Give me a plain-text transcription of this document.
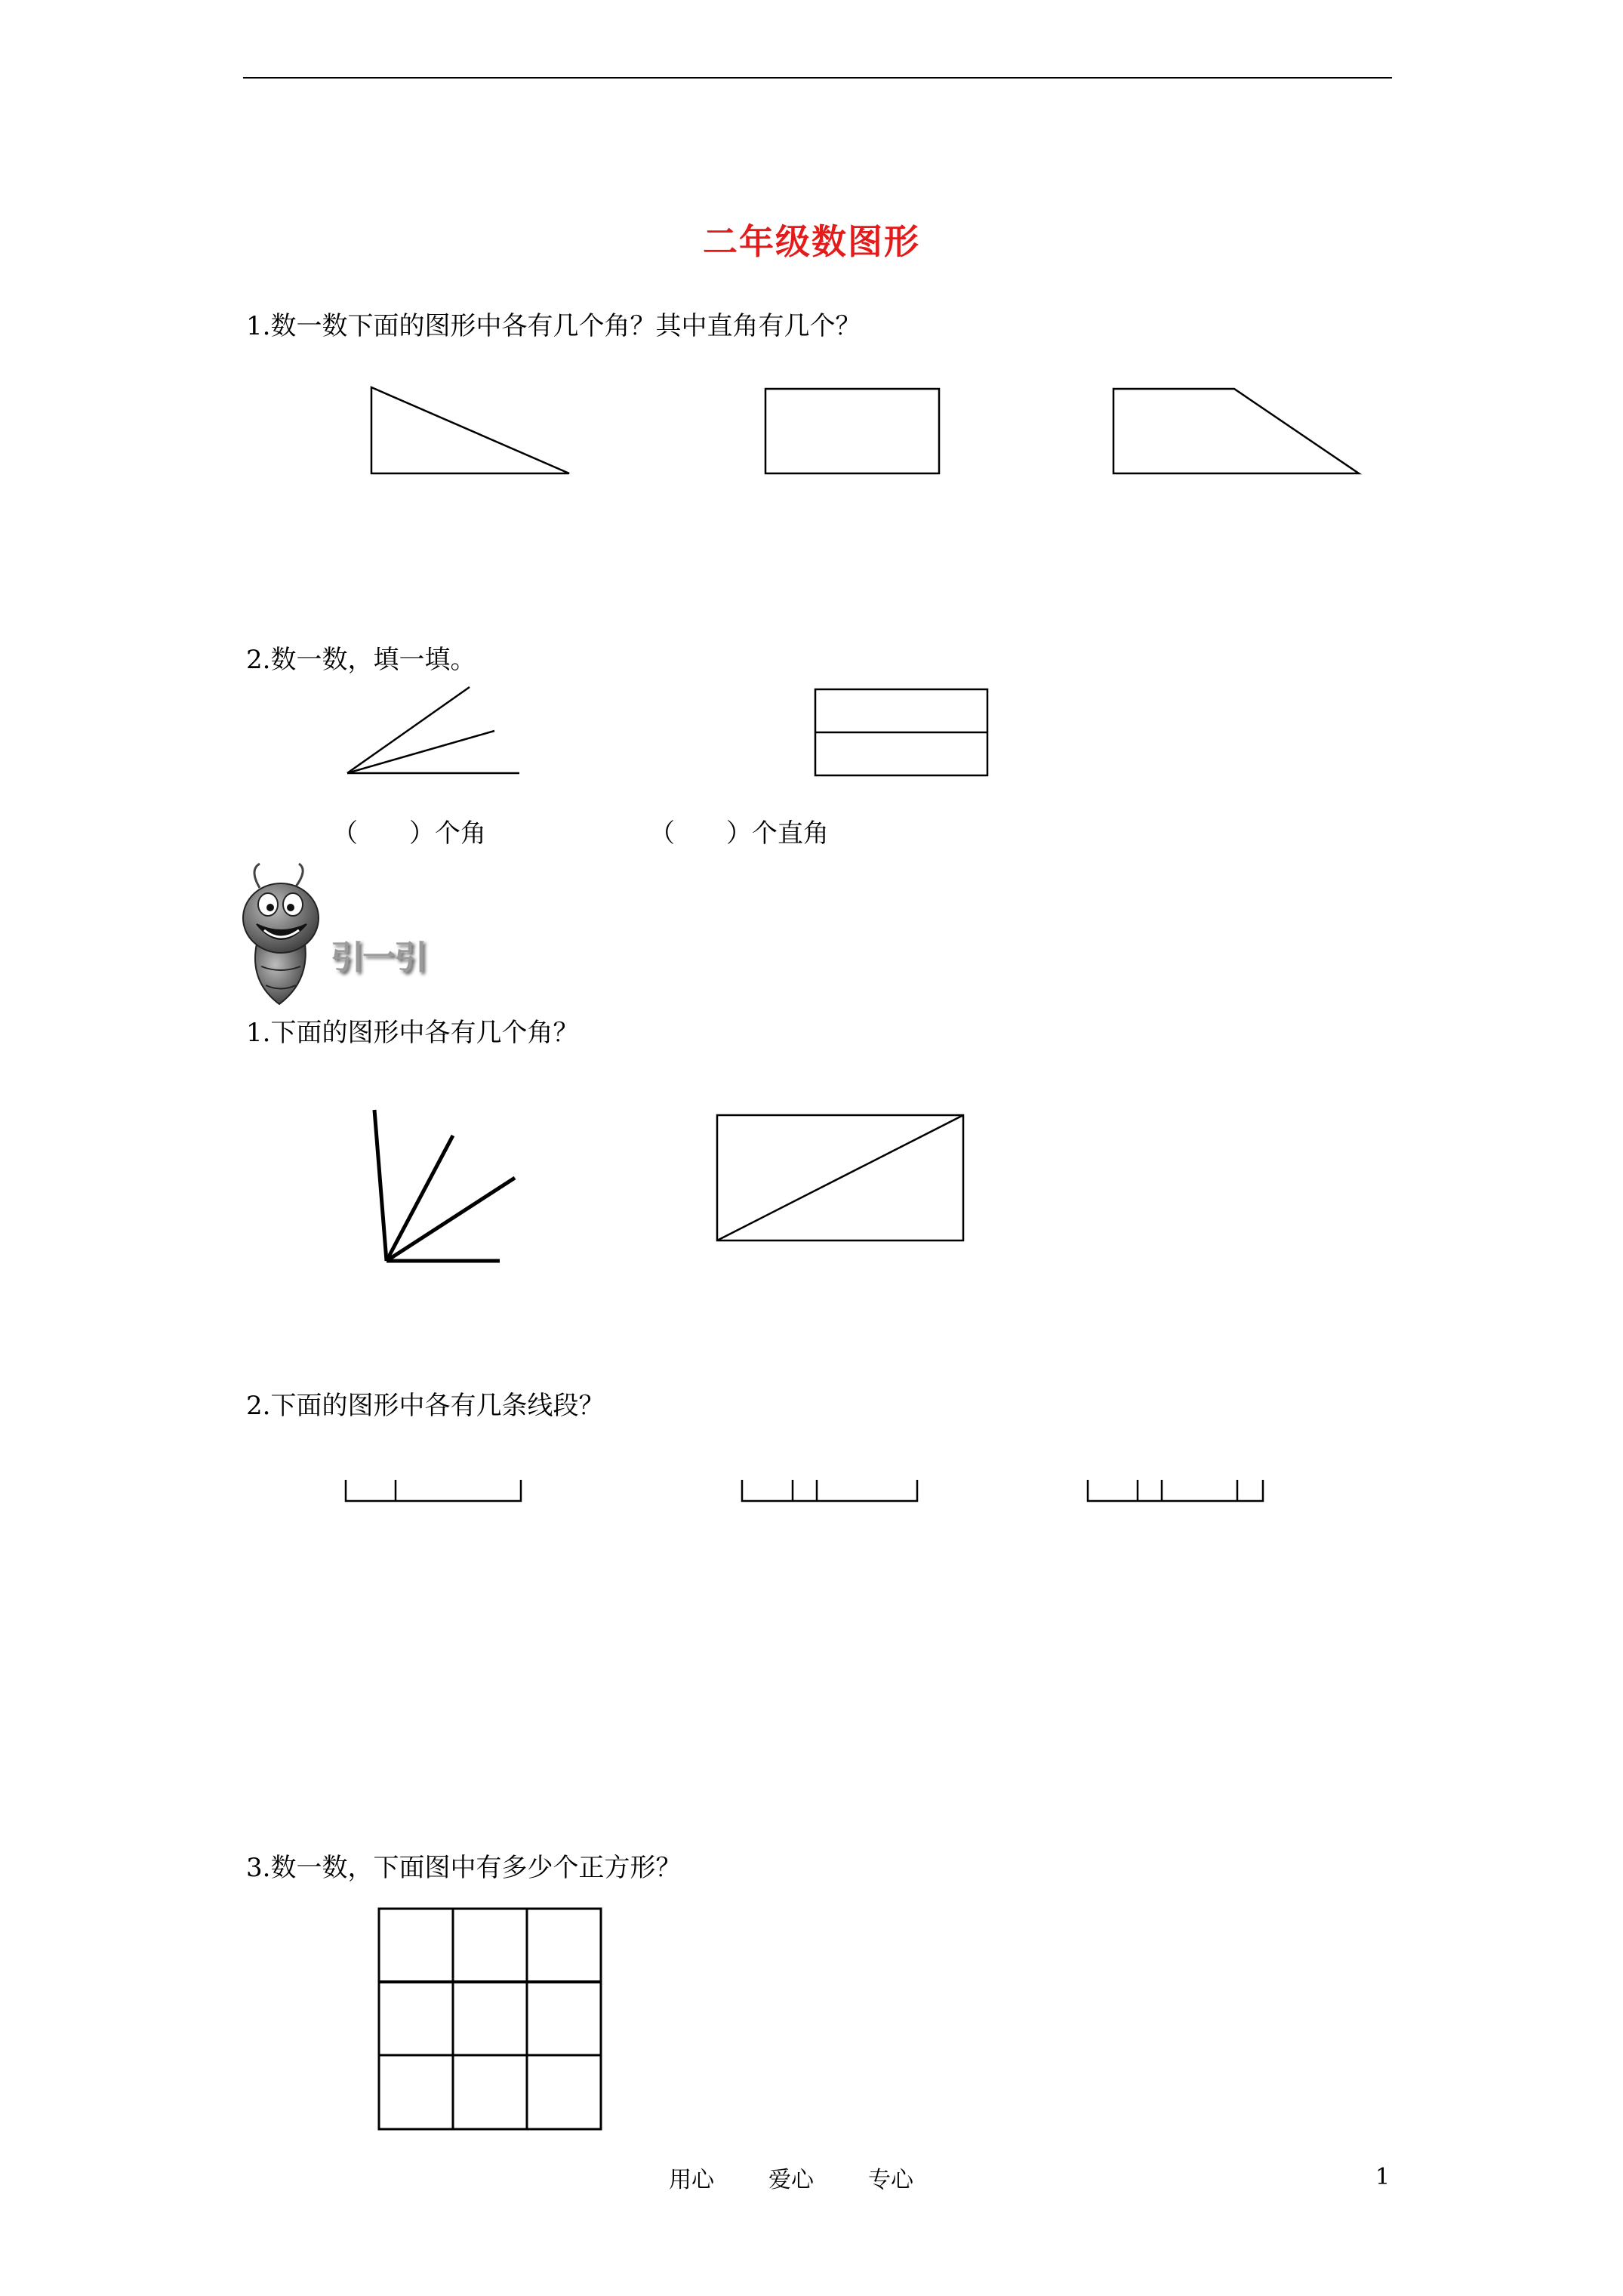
二年级数图形
1.数一数下面的图形中各有几个角？其中直角有几个？
2.数一数，填一填。
（　　）个角	（　　）个直角
引一引
1.下面的图形中各有几个角？
2.下面的图形中各有几条线段？
3.数一数，下面图中有多少个正方形？
用心 爱心 专心	1
